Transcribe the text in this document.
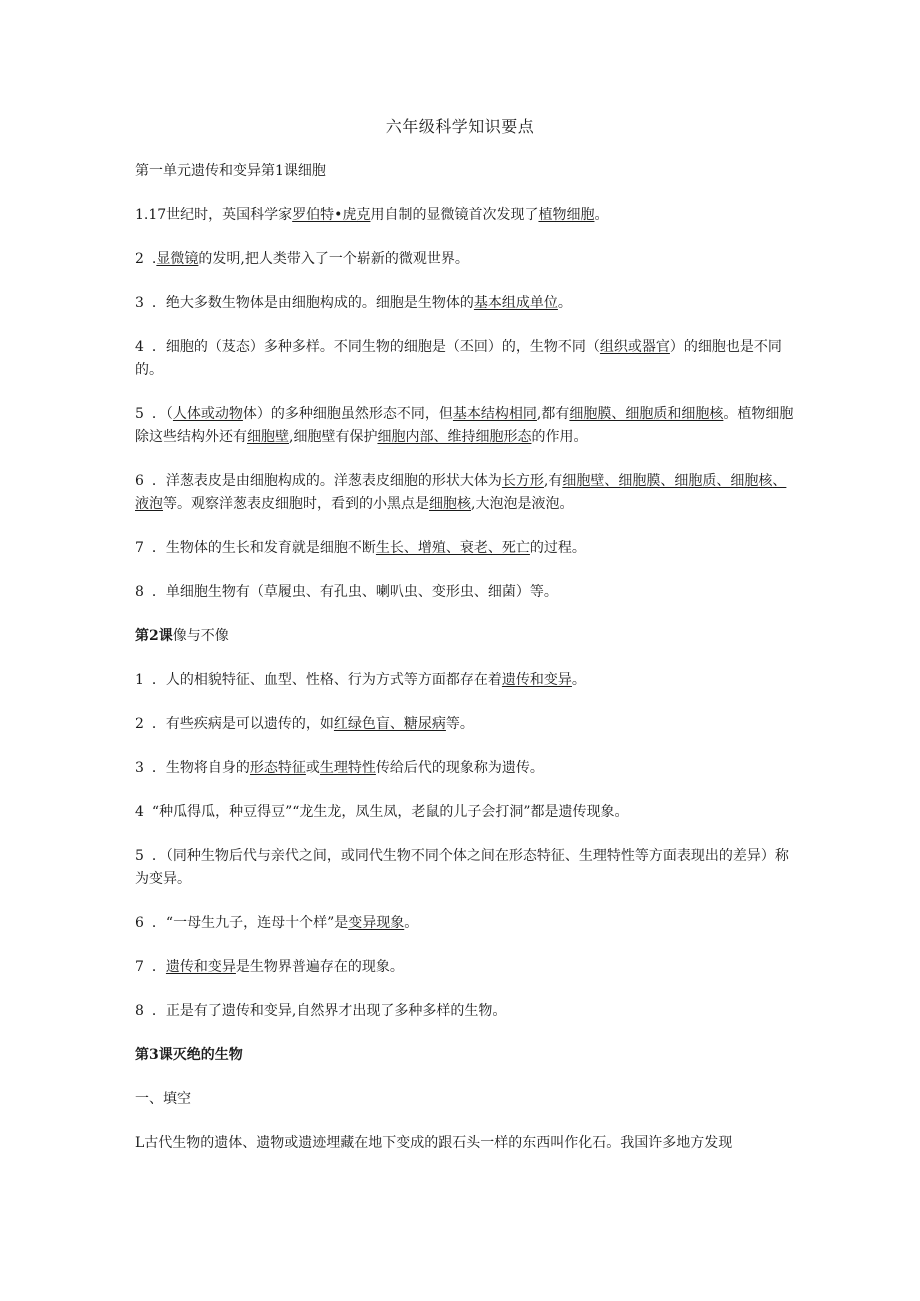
六年级科学知识要点

第一单元遗传和变异第1课细胞

1.17世纪时，英国科学家罗伯特•虎克用自制的显微镜首次发现了植物细胞。

2 .显微镜的发明,把人类带入了一个崭新的微观世界。

3 ．绝大多数生物体是由细胞构成的。细胞是生物体的基本组成单位。

4 ．细胞的（芨态）多种多样。不同生物的细胞是（丕回）的，生物不同（组织或器官）的细胞也是不同的。

5 ．（人体或动物体）的多种细胞虽然形态不同，但基本结构相同,都有细胞膜、细胞质和细胞核。植物细胞除这些结构外还有细胞壁,细胞壁有保护细胞内部、维持细胞形态的作用。

6 ．洋葱表皮是由细胞构成的。洋葱表皮细胞的形状大体为长方形,有细胞壁、细胞膜、细胞质、细胞核、液泡等。观察洋葱表皮细胞时，看到的小黑点是细胞核,大泡泡是液泡。

7 ．生物体的生长和发育就是细胞不断生长、增殖、衰老、死亡的过程。

8 ．单细胞生物有（草履虫、有孔虫、喇叭虫、变形虫、细菌）等。

第2课像与不像

1 ．人的相貌特征、血型、性格、行为方式等方面都存在着遗传和变异。

2 ．有些疾病是可以遗传的，如红绿色盲、糖尿病等。

3 ．生物将自身的形态特征或生理特性传给后代的现象称为遗传。

4 “种瓜得瓜，种豆得豆”“龙生龙，凤生凤，老鼠的儿子会打洞”都是遗传现象。

5 ．（同种生物后代与亲代之间，或同代生物不同个体之间在形态特征、生理特性等方面表现出的差异）称为变异。

6 ．“一母生九子，连母十个样”是变异现象。

7 ．遗传和变异是生物界普遍存在的现象。

8 ．正是有了遗传和变异,自然界才出现了多种多样的生物。

第3课灭绝的生物

一、填空

L古代生物的遗体、遗物或遗迹埋藏在地下变成的跟石头一样的东西叫作化石。我国许多地方发现
